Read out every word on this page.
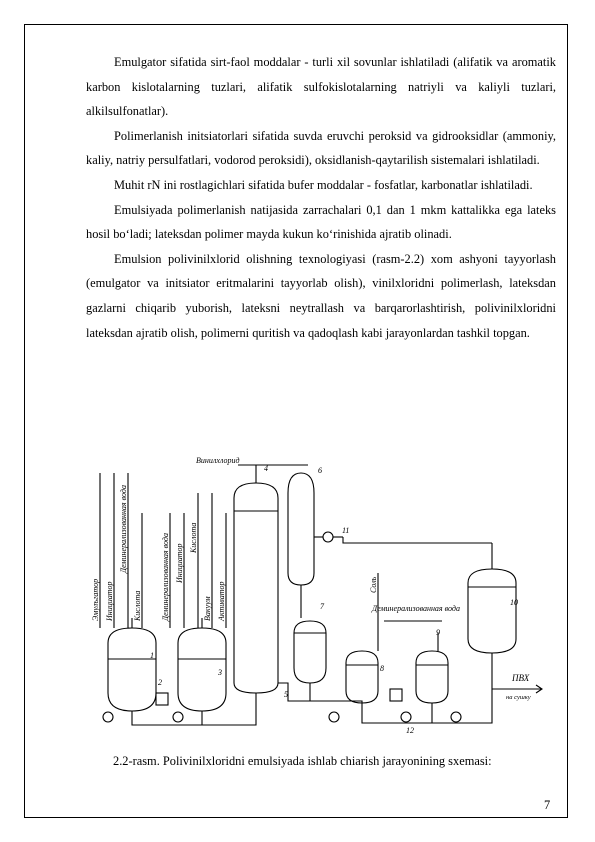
Emulgator sifatida sirt-faol moddalar - turli xil sovunlar ishlatiladi (alifatik va aromatik karbon kislotalarning tuzlari, alifatik sulfokislotalarning natriyli va kaliyli tuzlari, alkilsulfonatlar).

Polimerlanish initsiatorlari sifatida suvda eruvchi peroksid va gidrooksidlar (ammoniy, kaliy, natriy persulfatlari, vodorod peroksidi), oksidlanish-qaytarilish sistemalari ishlatiladi.

Muhit rN ini rostlagichlari sifatida bufer moddalar - fosfatlar, karbonatlar ishlatiladi.

Emulsiyada polimerlanish natijasida zarrachalari 0,1 dan 1 mkm kattalikka ega lateks hosil bo‘ladi; lateksdan polimer mayda kukun ko‘rinishida ajratib olinadi.

Emulsion polivinilxlorid olishning texnologiyasi (rasm-2.2) xom ashyoni tayyorlash (emulgator va initsiator eritmalarini tayyorlab olish), vinilxloridni polimerlash, lateksdan gazlarni chiqarib yuborish, lateksni neytrallash va barqarorlashtirish, polivinilxloridni lateksdan ajratib olish, polimerni quritish va qadoqlash kabi jarayonlardan tashkil topgan.

Эмулъгатор Инициатор
Деминерализованная вода
Кислота Деминерализованная вода Инициатор
Кислота
Вакуум Активатор
Винилхлорид
Деминерализованная вода
Соль
ПВХ
на сушку
1
2
3
4
5
6
7
8
9
10
11
12
2.2-rasm. Polivinilxloridni emulsiyada ishlab chiarish jarayonining sxemasi:
7
